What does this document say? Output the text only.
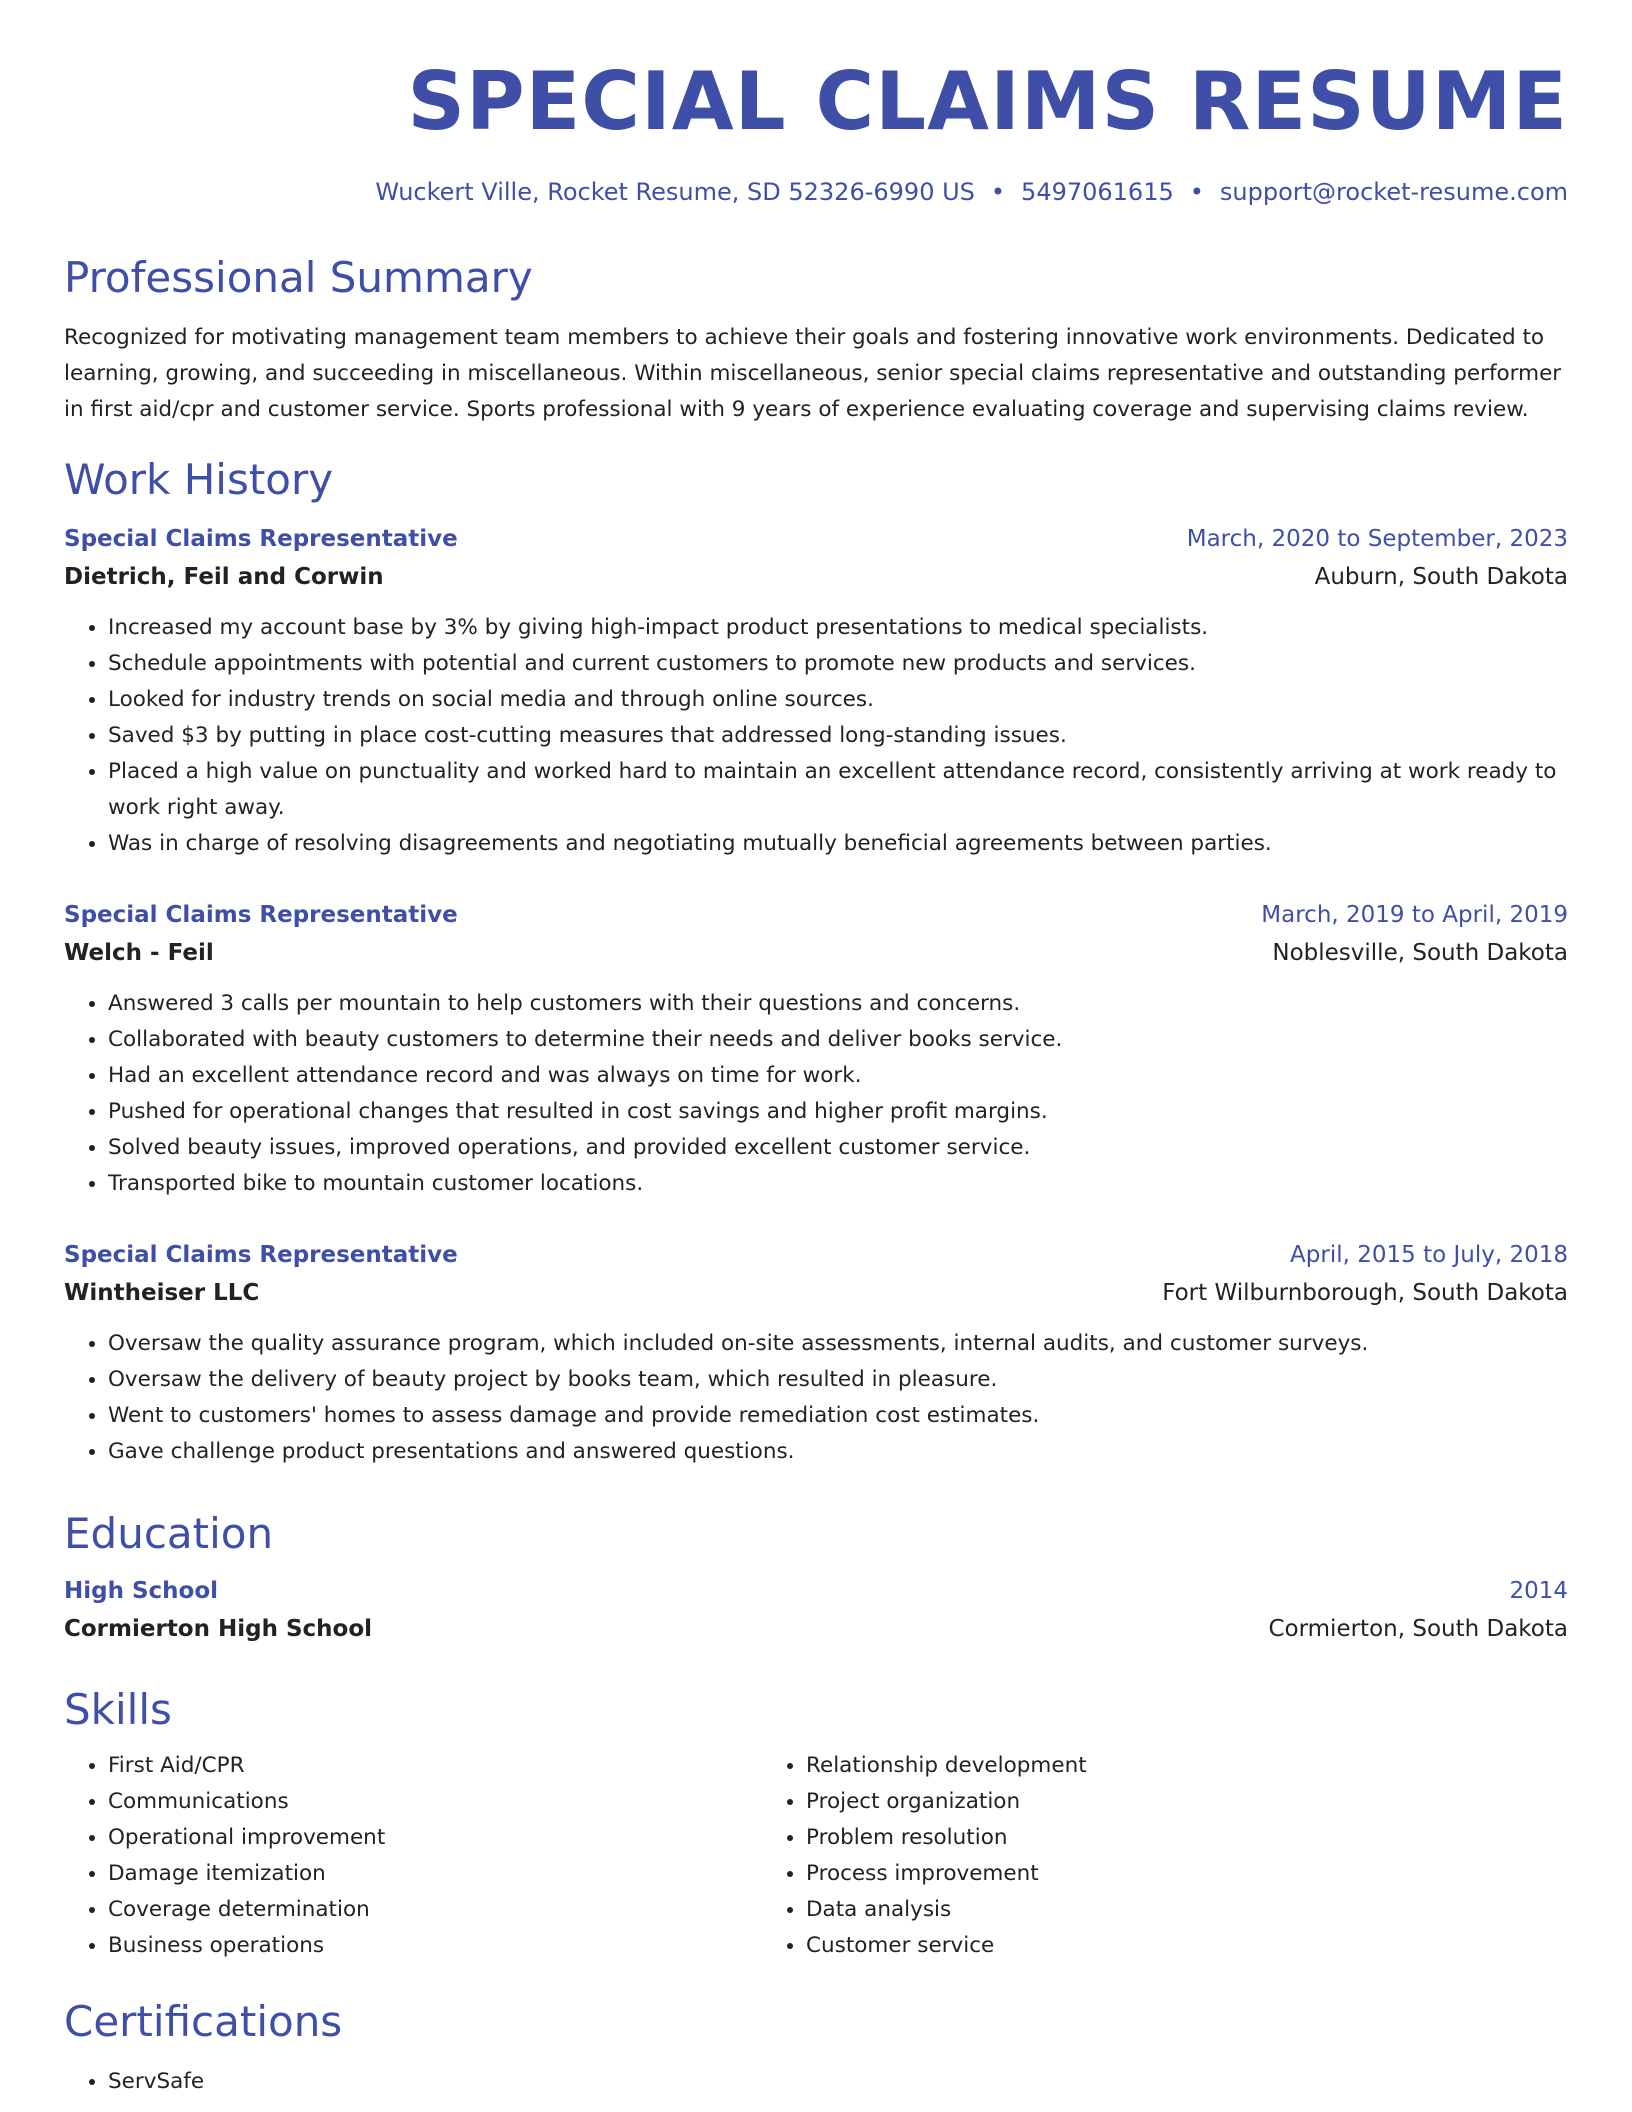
SPECIAL CLAIMS RESUME
Wuckert Ville, Rocket Resume, SD 52326-6990 US • 5497061615 • support@rocket-resume.com
Professional Summary
Recognized for motivating management team members to achieve their goals and fostering innovative work environments. Dedicated to learning, growing, and succeeding in miscellaneous. Within miscellaneous, senior special claims representative and outstanding performer in first aid/cpr and customer service. Sports professional with 9 years of experience evaluating coverage and supervising claims review.
Work History
Special Claims Representative	March, 2020 to September, 2023
Dietrich, Feil and Corwin	Auburn, South Dakota
• Increased my account base by 3% by giving high-impact product presentations to medical specialists.
• Schedule appointments with potential and current customers to promote new products and services.
• Looked for industry trends on social media and through online sources.
• Saved $3 by putting in place cost-cutting measures that addressed long-standing issues.
• Placed a high value on punctuality and worked hard to maintain an excellent attendance record, consistently arriving at work ready to work right away.
• Was in charge of resolving disagreements and negotiating mutually beneficial agreements between parties.
Special Claims Representative	March, 2019 to April, 2019
Welch - Feil	Noblesville, South Dakota
• Answered 3 calls per mountain to help customers with their questions and concerns.
• Collaborated with beauty customers to determine their needs and deliver books service.
• Had an excellent attendance record and was always on time for work.
• Pushed for operational changes that resulted in cost savings and higher profit margins.
• Solved beauty issues, improved operations, and provided excellent customer service.
• Transported bike to mountain customer locations.
Special Claims Representative	April, 2015 to July, 2018
Wintheiser LLC	Fort Wilburnborough, South Dakota
• Oversaw the quality assurance program, which included on-site assessments, internal audits, and customer surveys.
• Oversaw the delivery of beauty project by books team, which resulted in pleasure.
• Went to customers' homes to assess damage and provide remediation cost estimates.
• Gave challenge product presentations and answered questions.
Education
High School	2014
Cormierton High School	Cormierton, South Dakota
Skills
• First Aid/CPR
• Communications
• Operational improvement
• Damage itemization
• Coverage determination
• Business operations
• Relationship development
• Project organization
• Problem resolution
• Process improvement
• Data analysis
• Customer service
Certifications
• ServSafe
